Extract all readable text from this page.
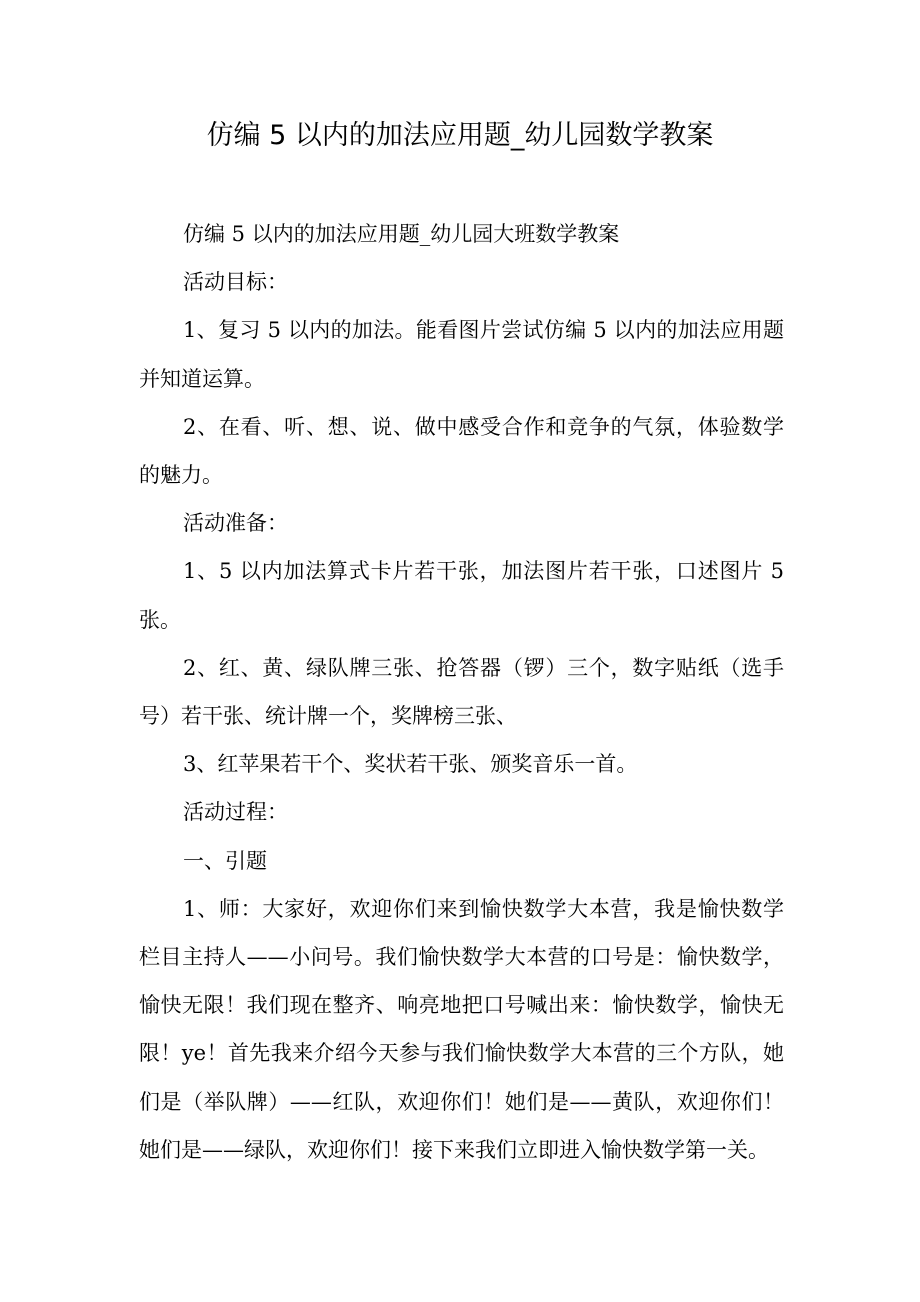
仿编 5 以内的加法应用题_幼儿园数学教案

仿编 5 以内的加法应用题_幼儿园大班数学教案

活动目标：

1、复习 5 以内的加法。能看图片尝试仿编 5 以内的加法应用题并知道运算。

2、在看、听、想、说、做中感受合作和竞争的气氛，体验数学的魅力。

活动准备：

1、5 以内加法算式卡片若干张，加法图片若干张，口述图片 5 张。

2、红、黄、绿队牌三张、抢答器（锣）三个，数字贴纸（选手号）若干张、统计牌一个，奖牌榜三张、

3、红苹果若干个、奖状若干张、颁奖音乐一首。

活动过程：

一、引题

1、师：大家好，欢迎你们来到愉快数学大本营，我是愉快数学栏目主持人——小问号。我们愉快数学大本营的口号是：愉快数学，愉快无限！我们现在整齐、响亮地把口号喊出来：愉快数学，愉快无限！ye！首先我来介绍今天参与我们愉快数学大本营的三个方队，她们是（举队牌）——红队，欢迎你们！她们是——黄队，欢迎你们！她们是——绿队，欢迎你们！接下来我们立即进入愉快数学第一关。
